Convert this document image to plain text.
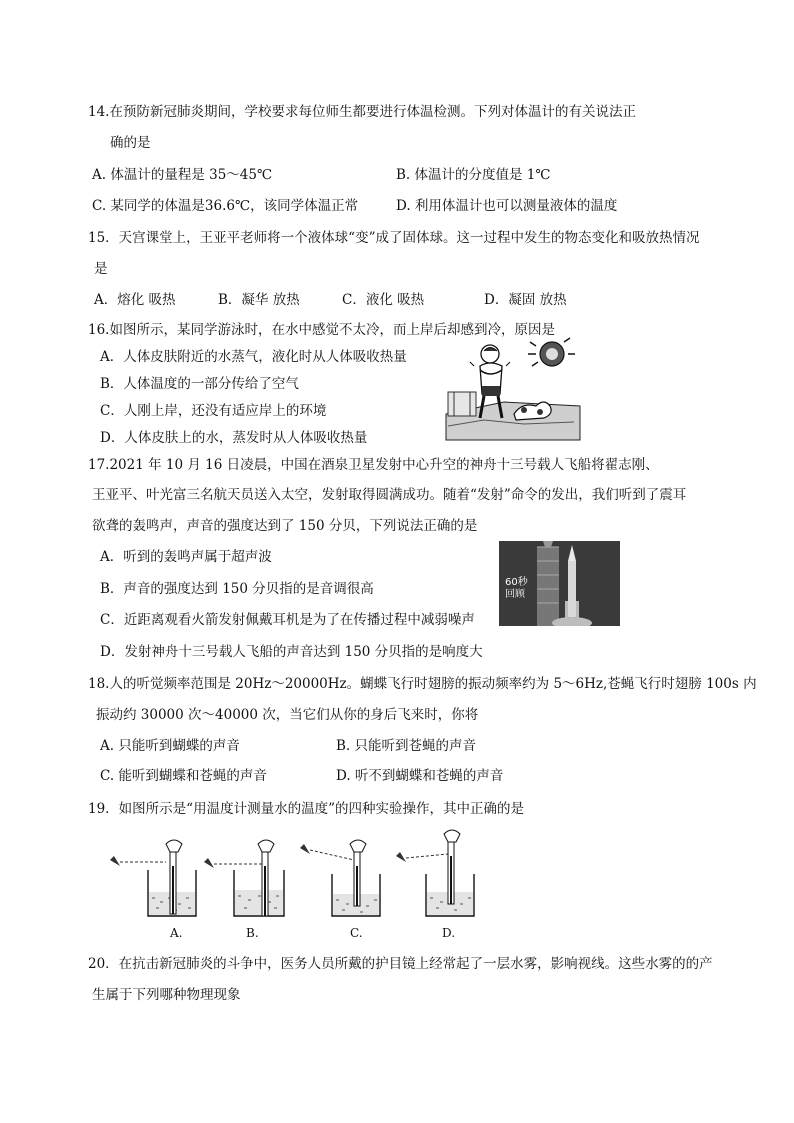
14.在预防新冠肺炎期间，学校要求每位师生都要进行体温检测。下列对体温计的有关说法正
确的是
A. 体温计的量程是 35～45℃	B. 体温计的分度值是 1℃
C. 某同学的体温是36.6℃，该同学体温正常	D. 利用体温计也可以测量液体的温度
15．天宫课堂上，王亚平老师将一个液体球“变”成了固体球。这一过程中发生的物态变化和吸放热情况
是
A．熔化 吸热	B．凝华 放热	C．液化 吸热	D．凝固 放热
16.如图所示，某同学游泳时，在水中感觉不太冷，而上岸后却感到冷，原因是
A．人体皮肤附近的水蒸气，液化时从人体吸收热量
B．人体温度的一部分传给了空气
C．人刚上岸，还没有适应岸上的环境
D．人体皮肤上的水，蒸发时从人体吸收热量
17.2021 年 10 月 16 日凌晨，中国在酒泉卫星发射中心升空的神舟十三号载人飞船将翟志刚、
王亚平、叶光富三名航天员送入太空，发射取得圆满成功。随着“发射”命令的发出，我们听到了震耳
欲聋的轰鸣声，声音的强度达到了 150 分贝，下列说法正确的是
A．听到的轰鸣声属于超声波
B．声音的强度达到 150 分贝指的是音调很高
C．近距离观看火箭发射佩戴耳机是为了在传播过程中减弱噪声
D．发射神舟十三号载人飞船的声音达到 150 分贝指的是响度大
60秒
回顾
18.人的听觉频率范围是 20Hz～20000Hz。蝴蝶飞行时翅膀的振动频率约为 5～6Hz,苍蝇飞行时翅膀 100s 内
振动约 30000 次～40000 次，当它们从你的身后飞来时，你将
A. 只能听到蝴蝶的声音	B. 只能听到苍蝇的声音
C. 能听到蝴蝶和苍蝇的声音	D. 听不到蝴蝶和苍蝇的声音
19．如图所示是“用温度计测量水的温度”的四种实验操作，其中正确的是
A.	B.	C.	D.
20．在抗击新冠肺炎的斗争中，医务人员所戴的护目镜上经常起了一层水雾，影响视线。这些水雾的的产
生属于下列哪种物理现象
